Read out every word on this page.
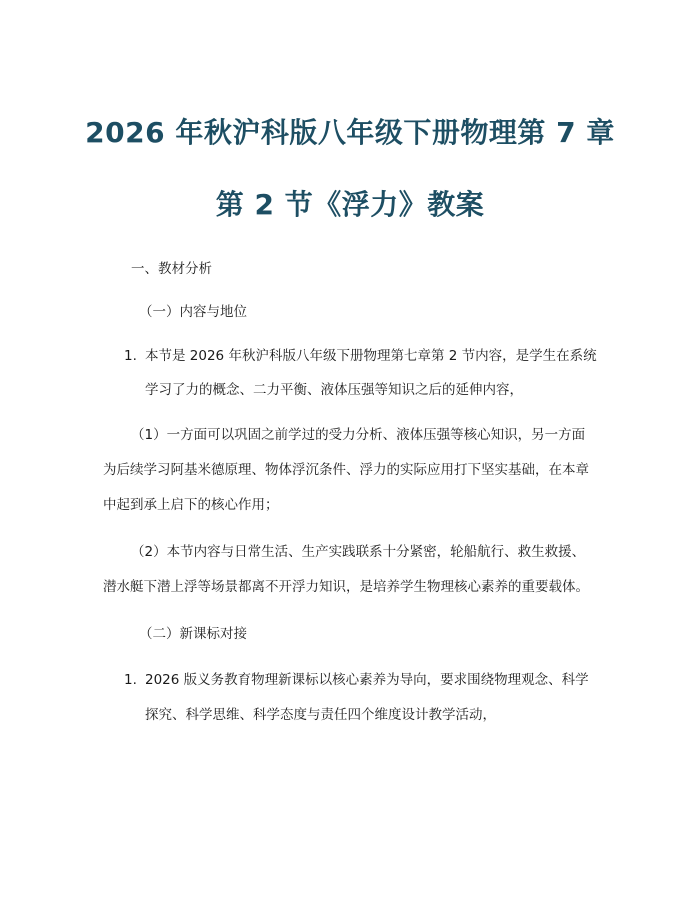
2026 年秋沪科版八年级下册物理第 7 章
第 2 节《浮力》教案
一、教材分析
（一）内容与地位
1. 本节是 2026 年秋沪科版八年级下册物理第七章第 2 节内容，是学生在系统
学习了力的概念、二力平衡、液体压强等知识之后的延伸内容，
（1）一方面可以巩固之前学过的受力分析、液体压强等核心知识，另一方面
为后续学习阿基米德原理、物体浮沉条件、浮力的实际应用打下坚实基础，在本章
中起到承上启下的核心作用；
（2）本节内容与日常生活、生产实践联系十分紧密，轮船航行、救生救援、
潜水艇下潜上浮等场景都离不开浮力知识，是培养学生物理核心素养的重要载体。
（二）新课标对接
1. 2026 版义务教育物理新课标以核心素养为导向，要求围绕物理观念、科学
探究、科学思维、科学态度与责任四个维度设计教学活动，
